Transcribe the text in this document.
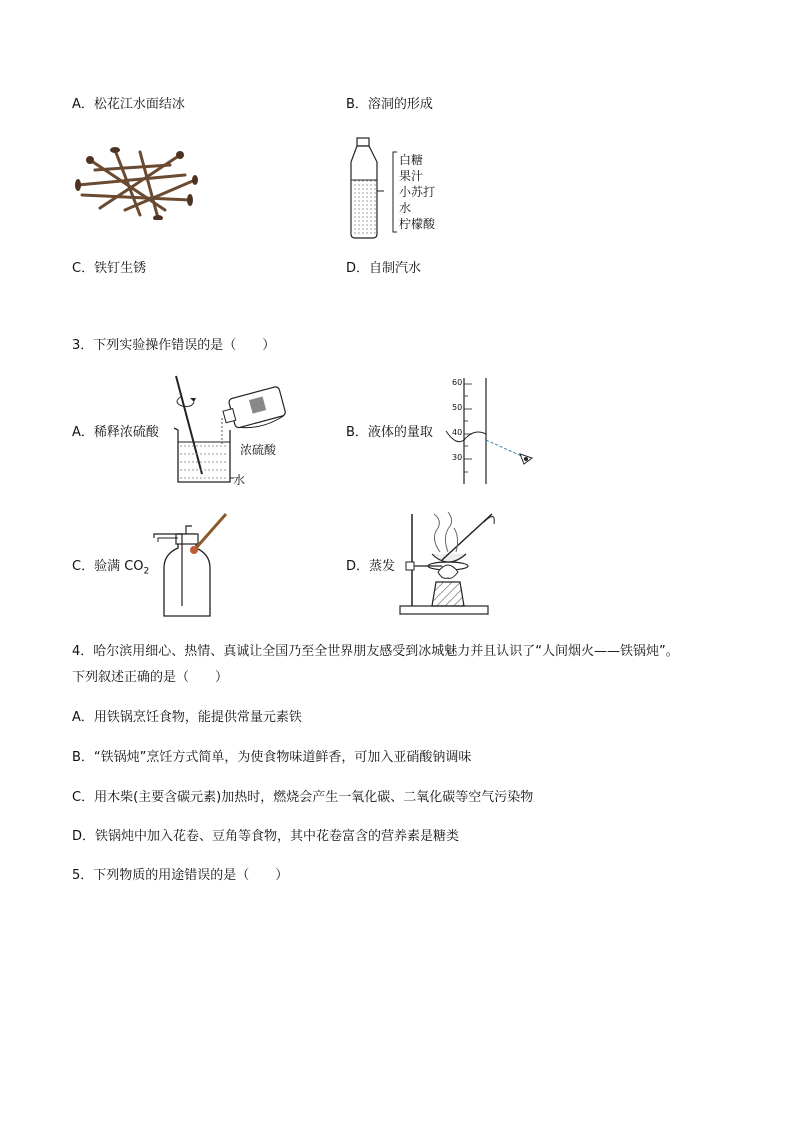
A．松花江水面结冰	B．溶洞的形成
白糖
果汁
小苏打
水
柠檬酸
C．铁钉生锈	D．自制汽水
3．下列实验操作错误的是（　　）
A．稀释浓硫酸
浓硫酸
水
B．液体的量取
60
50
40
30
C．验满 $CO_2$	D．蒸发
4．哈尔滨用细心、热情、真诚让全国乃至全世界朋友感受到冰城魅力并且认识了“人间烟火——铁锅炖”。
下列叙述正确的是（　　）
A．用铁锅烹饪食物，能提供常量元素铁
B．“铁锅炖”烹饪方式简单，为使食物味道鲜香，可加入亚硝酸钠调味
C．用木柴(主要含碳元素)加热时，燃烧会产生一氧化碳、二氧化碳等空气污染物
D．铁锅炖中加入花卷、豆角等食物，其中花卷富含的营养素是糖类
5．下列物质的用途错误的是（　　）
